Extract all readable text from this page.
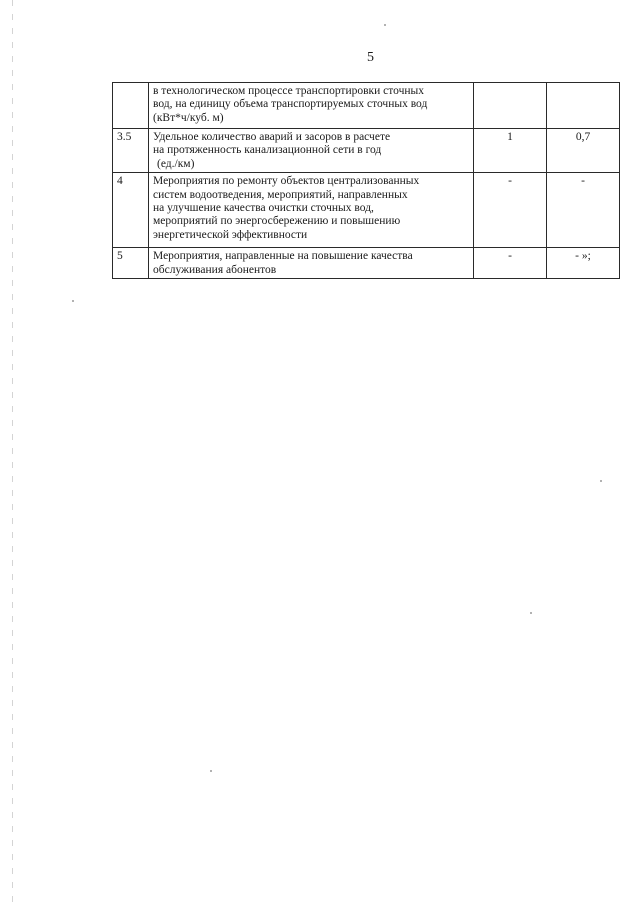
5

	в технологическом процессе транспортировки сточных
вод, на единицу объема транспортируемых сточных вод
(кВт*ч/куб. м)		

3.5	Удельное количество аварий и засоров в расчете
на протяженность канализационной сети в год
(ед./км)	1	0,7
4	Мероприятия по ремонту объектов централизованных
систем водоотведения, мероприятий, направленных
на улучшение качества очистки сточных вод,
мероприятий по энергосбережению и повышению
энергетической эффективности	-	-
5	Мероприятия, направленные на повышение качества
обслуживания абонентов	-	- »;
